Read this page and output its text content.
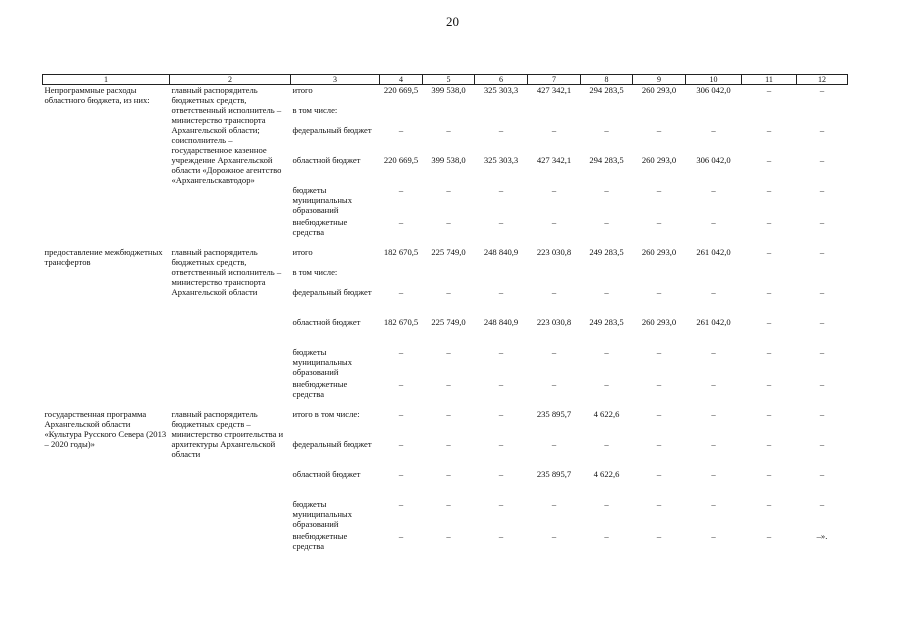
20
1	2	3	4	5	6	7	8	9	10	11	12
Непрограммные расходы областного бюджета, из них:	главный распорядитель бюджетных средств, ответственный исполнитель – министерство транспорта Архангельской области; соисполнитель – государственное казенное учреждение Архангельской области «Дорожное агентство «Архангельскавтодор»	итого	220 669,5	399 538,0	325 303,3	427 342,1	294 283,5	260 293,0	306 042,0	–	–
		в том числе:									
		федеральный бюджет	–	–	–	–	–	–	–	–	–
		областной бюджет	220 669,5	399 538,0	325 303,3	427 342,1	294 283,5	260 293,0	306 042,0	–	–
		бюджеты муниципальных образований	–	–	–	–	–	–	–	–	–
		внебюджетные средства	–	–	–	–	–	–	–	–	–
предоставление межбюджетных трансфертов	главный распорядитель бюджетных средств, ответственный исполнитель – министерство транспорта Архангельской области	итого	182 670,5	225 749,0	248 840,9	223 030,8	249 283,5	260 293,0	261 042,0	–	–
		в том числе:									
		федеральный бюджет	–	–	–	–	–	–	–	–	–
		областной бюджет	182 670,5	225 749,0	248 840,9	223 030,8	249 283,5	260 293,0	261 042,0	–	–
		бюджеты муниципальных образований	–	–	–	–	–	–	–	–	–
		внебюджетные средства	–	–	–	–	–	–	–	–	–
государственная программа Архангельской области «Культура Русского Севера (2013 – 2020 годы)»	главный распорядитель бюджетных средств – министерство строительства и архитектуры Архангельской области	итого в том числе:	–	–	–	235 895,7	4 622,6	–	–	–	–
		федеральный бюджет	–	–	–	–	–	–	–	–	–
		областной бюджет	–	–	–	235 895,7	4 622,6	–	–	–	–
		бюджеты муниципальных образований	–	–	–	–	–	–	–	–	–
		внебюджетные средства	–	–	–	–	–	–	–	–	–».
